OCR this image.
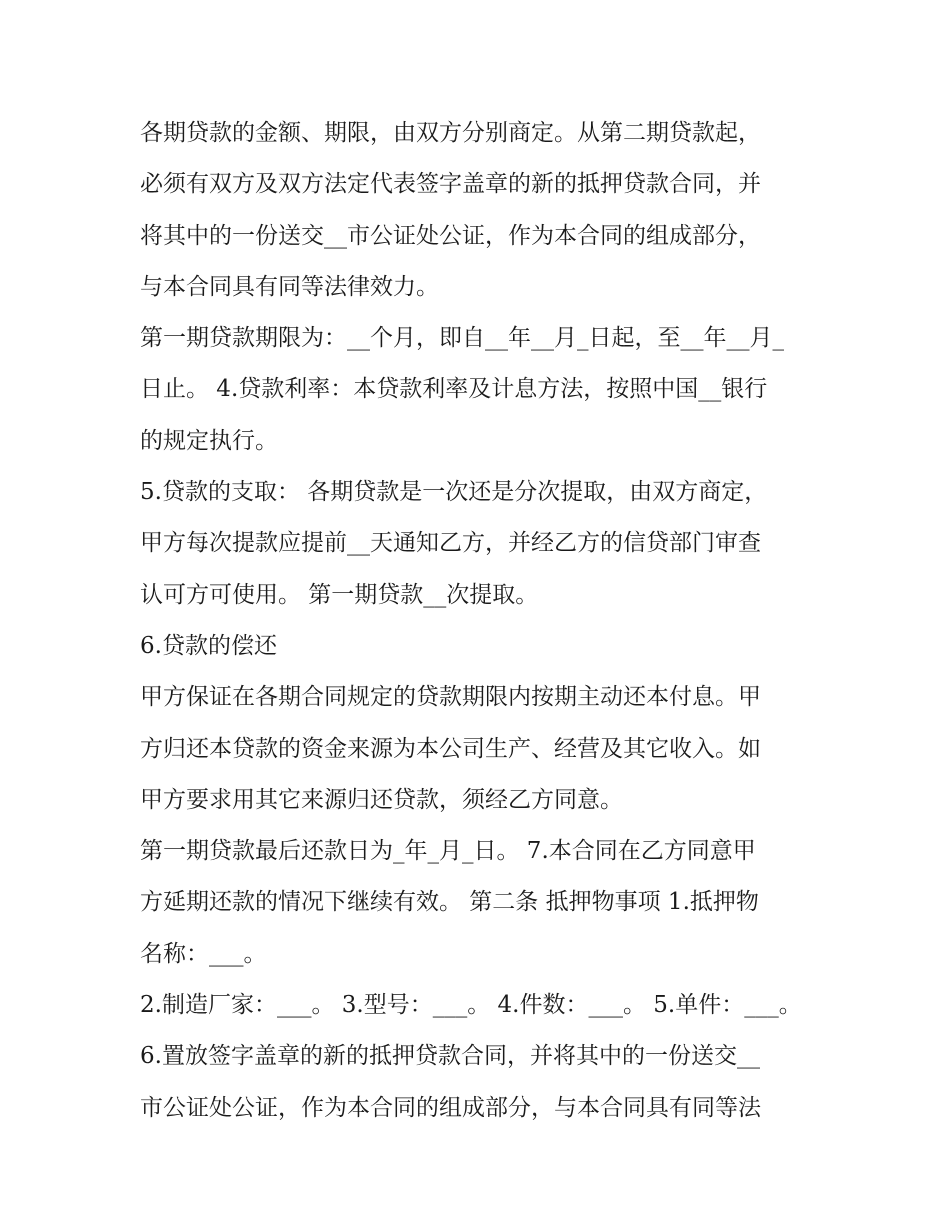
各期贷款的金额、期限，由双方分别商定。从第二期贷款起，
必须有双方及双方法定代表签字盖章的新的抵押贷款合同，并
将其中的一份送交__市公证处公证，作为本合同的组成部分，
与本合同具有同等法律效力。
第一期贷款期限为：__个月，即自__年__月_日起，至__年__月_
日止。 4.贷款利率：本贷款利率及计息方法，按照中国__银行
的规定执行。
5.贷款的支取： 各期贷款是一次还是分次提取，由双方商定，
甲方每次提款应提前__天通知乙方，并经乙方的信贷部门审查
认可方可使用。 第一期贷款__次提取。
6.贷款的偿还
甲方保证在各期合同规定的贷款期限内按期主动还本付息。甲
方归还本贷款的资金来源为本公司生产、经营及其它收入。如
甲方要求用其它来源归还贷款，须经乙方同意。
第一期贷款最后还款日为_年_月_日。 7.本合同在乙方同意甲
方延期还款的情况下继续有效。 第二条 抵押物事项 1.抵押物
名称：___。
2.制造厂家：___。 3.型号：___。 4.件数：___。 5.单件：___。
6.置放签字盖章的新的抵押贷款合同，并将其中的一份送交__
市公证处公证，作为本合同的组成部分，与本合同具有同等法
